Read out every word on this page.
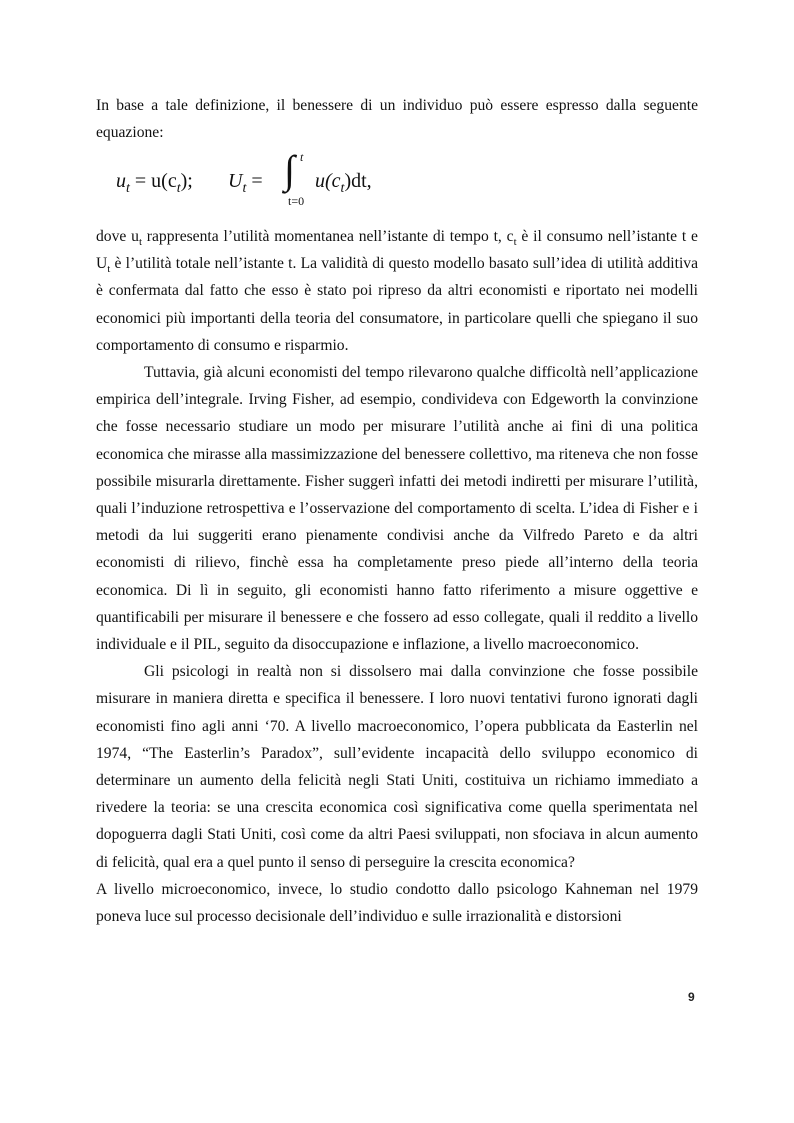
In base a tale definizione, il benessere di un individuo può essere espresso dalla seguente equazione:

$u_t = u(c_t)$; $U_t$ = ∫ t
t=0
$u(c_t)dt$,

dove $u_t$ rappresenta l’utilità momentanea nell’istante di tempo t, $c_t$ è il consumo nell’istante t e $U_t$ è l’utilità totale nell’istante t. La validità di questo modello basato sull’idea di utilità additiva è confermata dal fatto che esso è stato poi ripreso da altri economisti e riportato nei modelli economici più importanti della teoria del consumatore, in particolare quelli che spiegano il suo comportamento di consumo e risparmio.

Tuttavia, già alcuni economisti del tempo rilevarono qualche difficoltà nell’applicazione empirica dell’integrale. Irving Fisher, ad esempio, condivideva con Edgeworth la convinzione che fosse necessario studiare un modo per misurare l’utilità anche ai fini di una politica economica che mirasse alla massimizzazione del benessere collettivo, ma riteneva che non fosse possibile misurarla direttamente. Fisher suggerì infatti dei metodi indiretti per misurare l’utilità, quali l’induzione retrospettiva e l’osservazione del comportamento di scelta. L’idea di Fisher e i metodi da lui suggeriti erano pienamente condivisi anche da Vilfredo Pareto e da altri economisti di rilievo, finchè essa ha completamente preso piede all’interno della teoria economica. Di lì in seguito, gli economisti hanno fatto riferimento a misure oggettive e quantificabili per misurare il benessere e che fossero ad esso collegate, quali il reddito a livello individuale e il PIL, seguito da disoccupazione e inflazione, a livello macroeconomico.

Gli psicologi in realtà non si dissolsero mai dalla convinzione che fosse possibile misurare in maniera diretta e specifica il benessere. I loro nuovi tentativi furono ignorati dagli economisti fino agli anni ‘70. A livello macroeconomico, l’opera pubblicata da Easterlin nel 1974, “The Easterlin’s Paradox”, sull’evidente incapacità dello sviluppo economico di determinare un aumento della felicità negli Stati Uniti, costituiva un richiamo immediato a rivedere la teoria: se una crescita economica così significativa come quella sperimentata nel dopoguerra dagli Stati Uniti, così come da altri Paesi sviluppati, non sfociava in alcun aumento di felicità, qual era a quel punto il senso di perseguire la crescita economica?

A livello microeconomico, invece, lo studio condotto dallo psicologo Kahneman nel 1979 poneva luce sul processo decisionale dell’individuo e sulle irrazionalità e distorsioni

9
